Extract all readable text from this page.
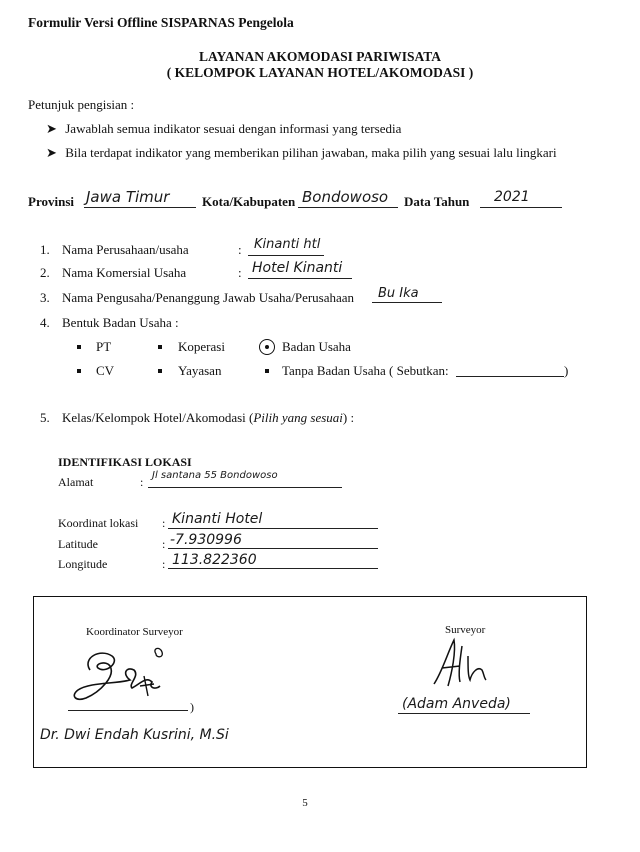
Formulir Versi Offline SISPARNAS Pengelola
LAYANAN AKOMODASI PARIWISATA
( KELOMPOK LAYANAN HOTEL/AKOMODASI )
Petunjuk pengisian :
➤ Jawablah semua indikator sesuai dengan informasi yang tersedia
➤ Bila terdapat indikator yang memberikan pilihan jawaban, maka pilih yang sesuai lalu lingkari
Provinsi Jawa Timur	Kota/Kabupaten Bondowoso Data Tahun 2021
1. Nama Perusahaan/usaha	: Kinanti htl
2. Nama Komersial Usaha	: Hotel Kinanti
3. Nama Pengusaha/Penanggung Jawab Usaha/Perusahaan Bu Ika
4. Bentuk Badan Usaha :
PT	Koperasi	Badan Usaha
CV	Yayasan	Tanpa Badan Usaha ( Sebutkan:	)
5. Kelas/Kelompok Hotel/Akomodasi (Pilih yang sesuai) :
IDENTIFIKASI LOKASI
Alamat	: Jl santana 55 Bondowoso
Koordinat lokasi : Kinanti Hotel
Latitude	: -7.930996
Longitude	: 113.822360
Koordinator Surveyor
)
Dr. Dwi Endah Kusrini, M.Si
Surveyor
(Adam Anveda)
5
